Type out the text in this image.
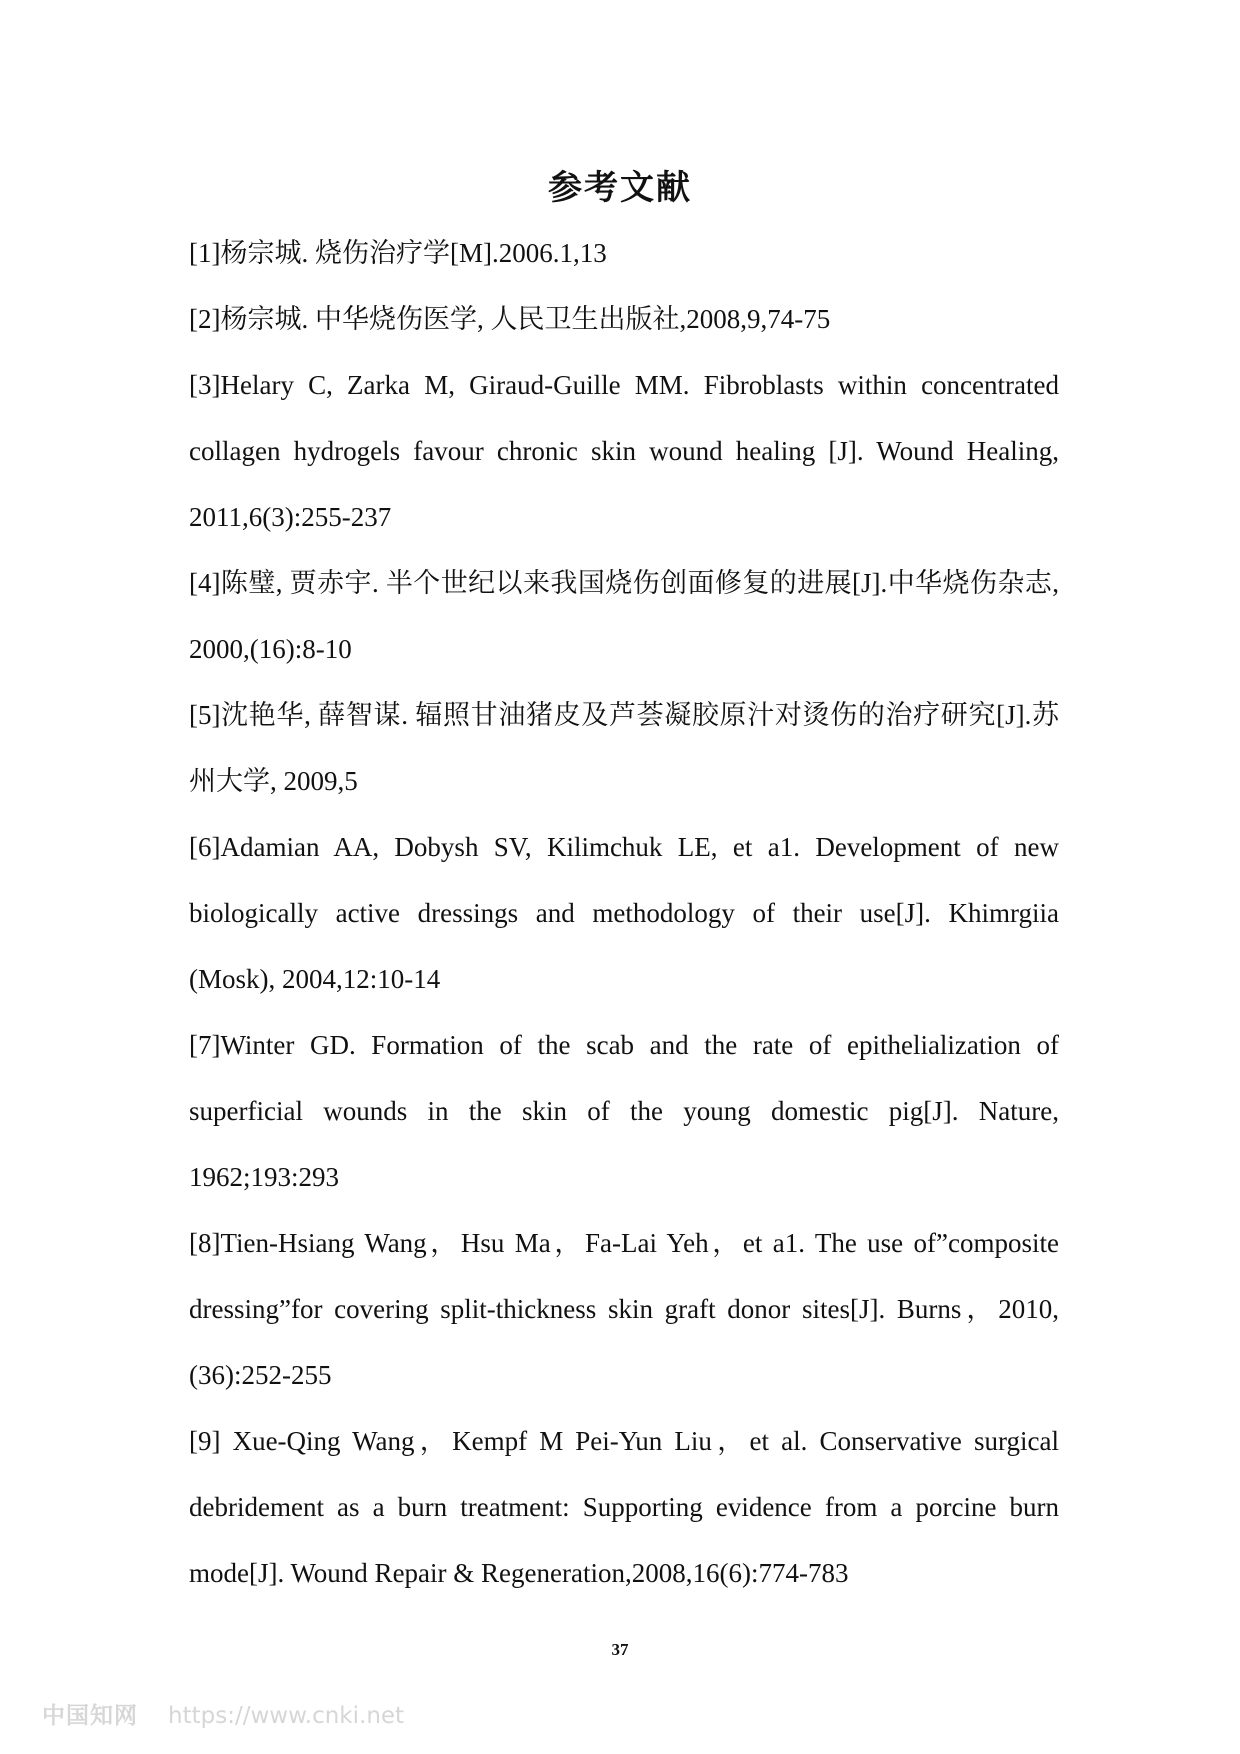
参考文献
[1]杨宗城. 烧伤治疗学[M].2006.1,13
[2]杨宗城. 中华烧伤医学, 人民卫生出版社,2008,9,74-75
[3]Helary C, Zarka M, Giraud-Guille MM. Fibroblasts within concentrated collagen hydrogels favour chronic skin wound healing [J]. Wound Healing, 2011,6(3):255-237
[4]陈璧, 贾赤宇. 半个世纪以来我国烧伤创面修复的进展[J].中华烧伤杂志, 2000,(16):8-10
[5]沈艳华, 薛智谋. 辐照甘油猪皮及芦荟凝胶原汁对烫伤的治疗研究[J].苏州大学, 2009,5
[6]Adamian AA, Dobysh SV, Kilimchuk LE, et a1. Development of new biologically active dressings and methodology of their use[J]. Khimrgiia (Mosk), 2004,12:10-14
[7]Winter GD. Formation of the scab and the rate of epithelialization of superficial wounds in the skin of the young domestic pig[J]. Nature, 1962;193:293
[8]Tien-Hsiang Wang，Hsu Ma，Fa-Lai Yeh，et a1. The use of”composite dressing”for covering split-thickness skin graft donor sites[J]. Burns，2010,(36):252-255
[9] Xue-Qing Wang，Kempf M Pei-Yun Liu，et al. Conservative surgical debridement as a burn treatment: Supporting evidence from a porcine burn mode[J]. Wound Repair & Regeneration,2008,16(6):774-783
37
中国知网 https://www.cnki.net
